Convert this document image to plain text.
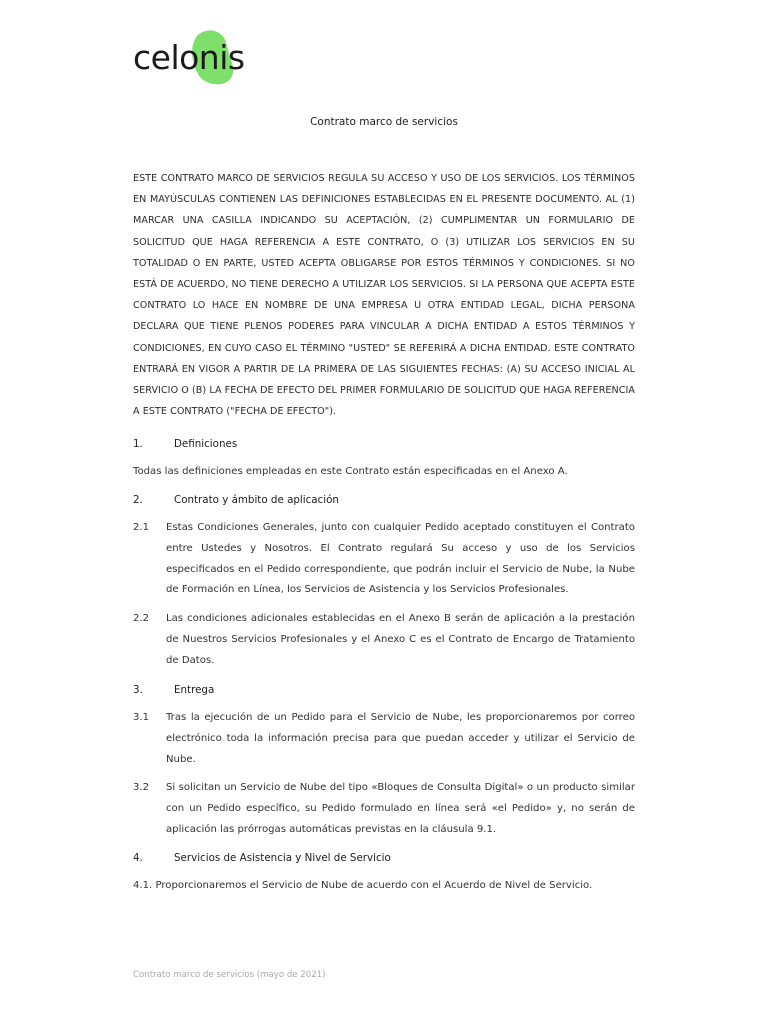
celonis
Contrato marco de servicios
ESTE CONTRATO MARCO DE SERVICIOS REGULA SU ACCESO Y USO DE LOS SERVICIOS. LOS TÉRMINOS EN MAYÚSCULAS CONTIENEN LAS DEFINICIONES ESTABLECIDAS EN EL PRESENTE DOCUMENTO. AL (1) MARCAR UNA CASILLA INDICANDO SU ACEPTACIÓN, (2) CUMPLIMENTAR UN FORMULARIO DE SOLICITUD QUE HAGA REFERENCIA A ESTE CONTRATO, O (3) UTILIZAR LOS SERVICIOS EN SU TOTALIDAD O EN PARTE, USTED ACEPTA OBLIGARSE POR ESTOS TÉRMINOS Y CONDICIONES. SI NO ESTÁ DE ACUERDO, NO TIENE DERECHO A UTILIZAR LOS SERVICIOS. SI LA PERSONA QUE ACEPTA ESTE CONTRATO LO HACE EN NOMBRE DE UNA EMPRESA U OTRA ENTIDAD LEGAL, DICHA PERSONA DECLARA QUE TIENE PLENOS PODERES PARA VINCULAR A DICHA ENTIDAD A ESTOS TÉRMINOS Y CONDICIONES, EN CUYO CASO EL TÉRMINO "USTED" SE REFERIRÁ A DICHA ENTIDAD. ESTE CONTRATO ENTRARÁ EN VIGOR A PARTIR DE LA PRIMERA DE LAS SIGUIENTES FECHAS: (A) SU ACCESO INICIAL AL SERVICIO O (B) LA FECHA DE EFECTO DEL PRIMER FORMULARIO DE SOLICITUD QUE HAGA REFERENCIA A ESTE CONTRATO ("FECHA DE EFECTO").
1.	Definiciones
Todas las definiciones empleadas en este Contrato están especificadas en el Anexo A.
2.	Contrato y ámbito de aplicación
2.1 Estas Condiciones Generales, junto con cualquier Pedido aceptado constituyen el Contrato entre Ustedes y Nosotros. El Contrato regulará Su acceso y uso de los Servicios especificados en el Pedido correspondiente, que podrán incluir el Servicio de Nube, la Nube de Formación en Línea, los Servicios de Asistencia y los Servicios Profesionales.
2.2 Las condiciones adicionales establecidas en el Anexo B serán de aplicación a la prestación de Nuestros Servicios Profesionales y el Anexo C es el Contrato de Encargo de Tratamiento de Datos.
3.	Entrega
3.1 Tras la ejecución de un Pedido para el Servicio de Nube, les proporcionaremos por correo electrónico toda la información precisa para que puedan acceder y utilizar el Servicio de Nube.
3.2 Si solicitan un Servicio de Nube del tipo «Bloques de Consulta Digital» o un producto similar con un Pedido específico, su Pedido formulado en línea será «el Pedido» y, no serán de aplicación las prórrogas automáticas previstas en la cláusula 9.1.
4.	Servicios de Asistencia y Nivel de Servicio
4.1. Proporcionaremos el Servicio de Nube de acuerdo con el Acuerdo de Nivel de Servicio.
Contrato marco de servicios (mayo de 2021)
